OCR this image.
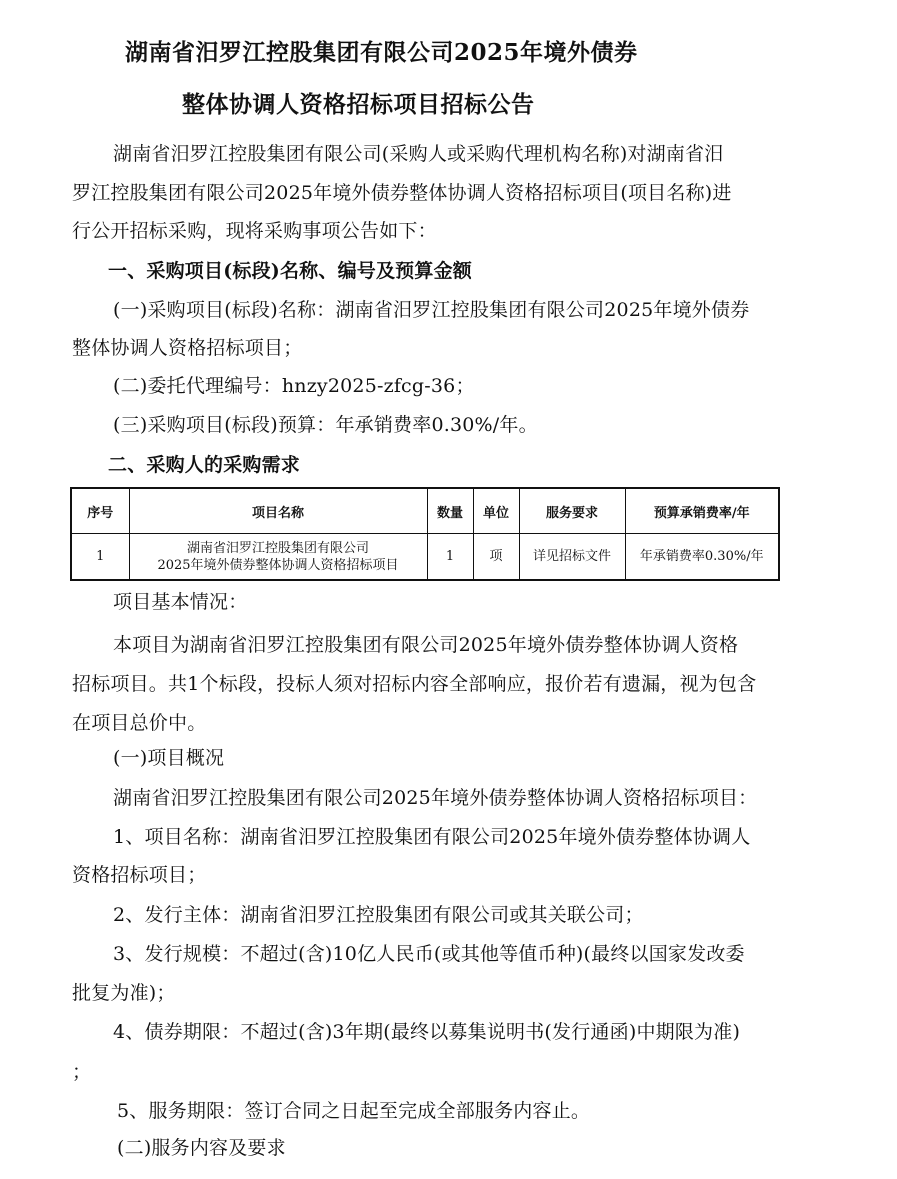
湖南省汨罗江控股集团有限公司2025年境外债券
整体协调人资格招标项目招标公告
湖南省汨罗江控股集团有限公司(采购人或采购代理机构名称)对湖南省汨
罗江控股集团有限公司2025年境外债券整体协调人资格招标项目(项目名称)进
行公开招标采购，现将采购事项公告如下：
一、采购项目(标段)名称、编号及预算金额
(一)采购项目(标段)名称：湖南省汨罗江控股集团有限公司2025年境外债券
整体协调人资格招标项目；
(二)委托代理编号：hnzy2025-zfcg-36；
(三)采购项目(标段)预算：年承销费率0.30%/年。
二、采购人的采购需求
序号	项目名称	数量	单位	服务要求	预算承销费率/年
1	湖南省汨罗江控股集团有限公司
2025年境外债券整体协调人资格招标项目	1	项	详见招标文件	年承销费率0.30%/年
项目基本情况：
本项目为湖南省汨罗江控股集团有限公司2025年境外债券整体协调人资格
招标项目。共1个标段，投标人须对招标内容全部响应，报价若有遗漏，视为包含
在项目总价中。
(一)项目概况
湖南省汨罗江控股集团有限公司2025年境外债券整体协调人资格招标项目：
1、项目名称：湖南省汨罗江控股集团有限公司2025年境外债券整体协调人
资格招标项目；
2、发行主体：湖南省汨罗江控股集团有限公司或其关联公司；
3、发行规模：不超过(含)10亿人民币(或其他等值币种)(最终以国家发改委
批复为准)；
4、债券期限：不超过(含)3年期(最终以募集说明书(发行通函)中期限为准)
；
5、服务期限：签订合同之日起至完成全部服务内容止。
(二)服务内容及要求
